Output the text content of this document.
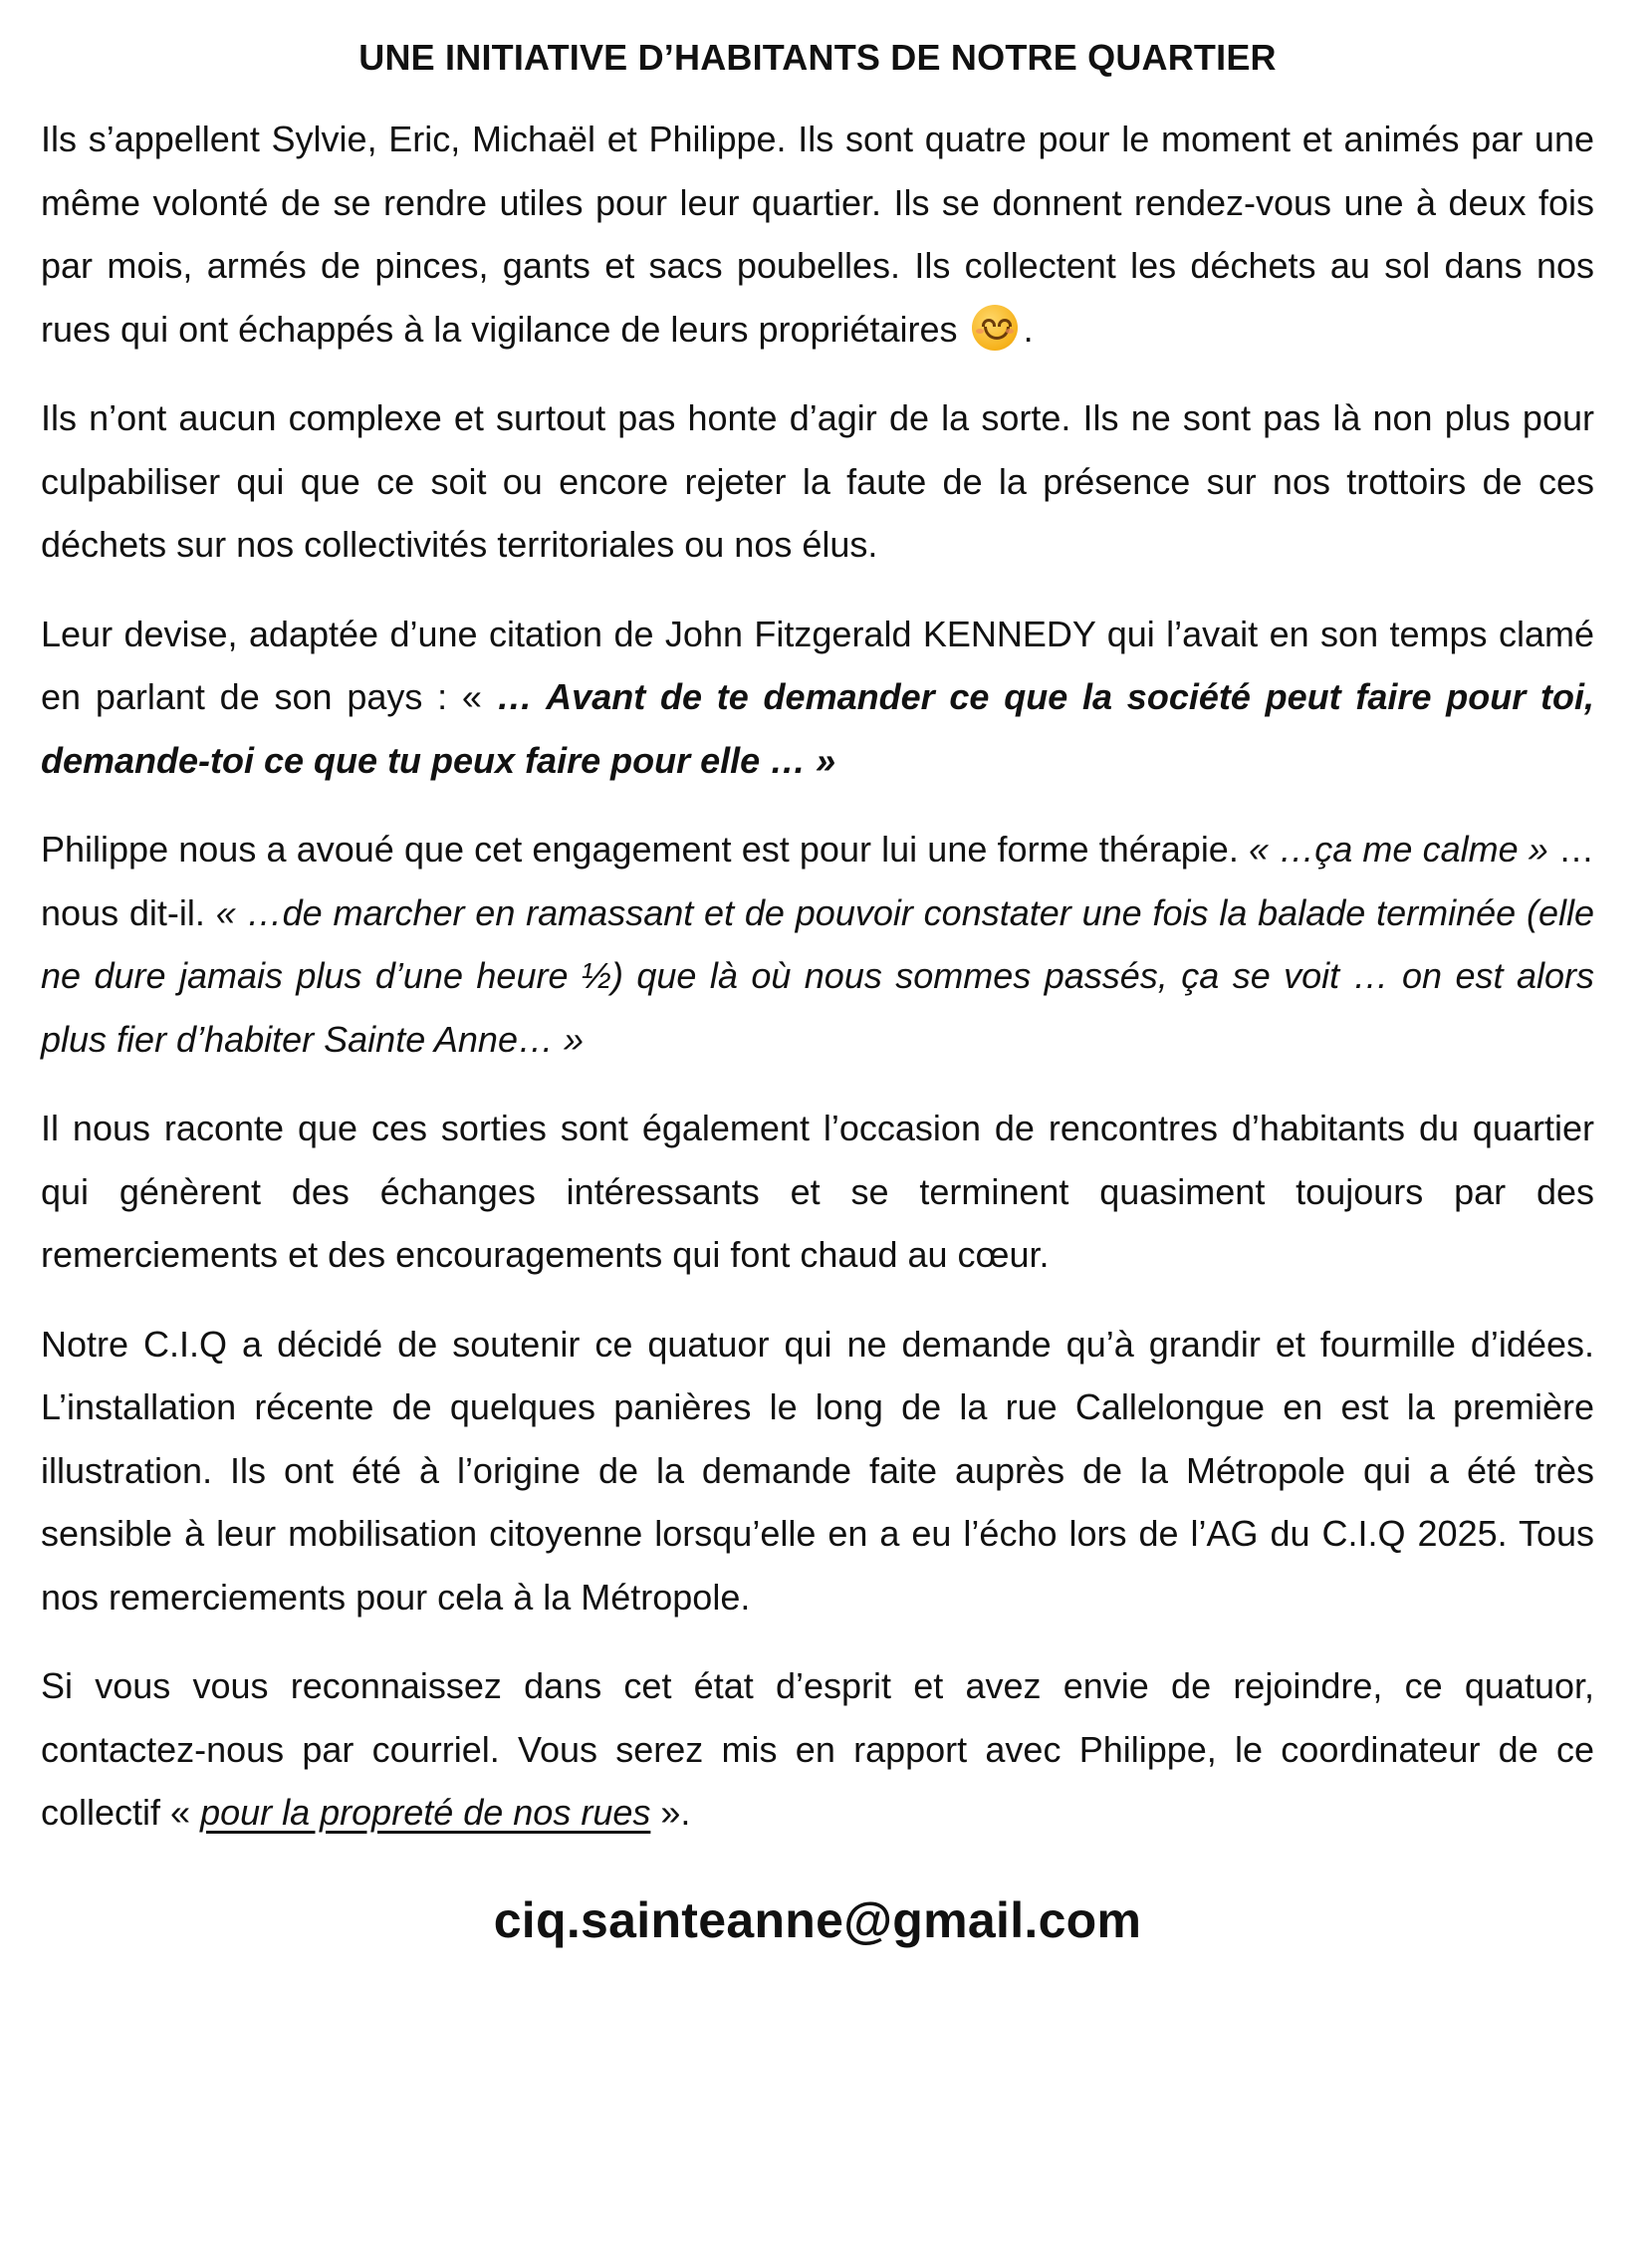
UNE INITIATIVE D’HABITANTS DE NOTRE QUARTIER

Ils s’appellent Sylvie, Eric, Michaël et Philippe. Ils sont quatre pour le moment et animés par une même volonté de se rendre utiles pour leur quartier. Ils se donnent rendez-vous une à deux fois par mois, armés de pinces, gants et sacs poubelles. Ils collectent les déchets au sol dans nos rues qui ont échappés à la vigilance de leurs propriétaires .

Ils n’ont aucun complexe et surtout pas honte d’agir de la sorte. Ils ne sont pas là non plus pour culpabiliser qui que ce soit ou encore rejeter la faute de la présence sur nos trottoirs de ces déchets sur nos collectivités territoriales ou nos élus.

Leur devise, adaptée d’une citation de John Fitzgerald KENNEDY qui l’avait en son temps clamé en parlant de son pays : « … Avant de te demander ce que la société peut faire pour toi, demande-toi ce que tu peux faire pour elle … »

Philippe nous a avoué que cet engagement est pour lui une forme thérapie. « …ça me calme » … nous dit-il. « …de marcher en ramassant et de pouvoir constater une fois la balade terminée (elle ne dure jamais plus d’une heure ½) que là où nous sommes passés, ça se voit … on est alors plus fier d’habiter Sainte Anne… »

Il nous raconte que ces sorties sont également l’occasion de rencontres d’habitants du quartier qui génèrent des échanges intéressants et se terminent quasiment toujours par des remerciements et des encouragements qui font chaud au cœur.

Notre C.I.Q a décidé de soutenir ce quatuor qui ne demande qu’à grandir et fourmille d’idées. L’installation récente de quelques panières le long de la rue Callelongue en est la première illustration. Ils ont été à l’origine de la demande faite auprès de la Métropole qui a été très sensible à leur mobilisation citoyenne lorsqu’elle en a eu l’écho lors de l’AG du C.I.Q 2025. Tous nos remerciements pour cela à la Métropole.

Si vous vous reconnaissez dans cet état d’esprit et avez envie de rejoindre, ce quatuor, contactez-nous par courriel. Vous serez mis en rapport avec Philippe, le coordinateur de ce collectif « pour la propreté de nos rues ».

ciq.sainteanne@gmail.com
